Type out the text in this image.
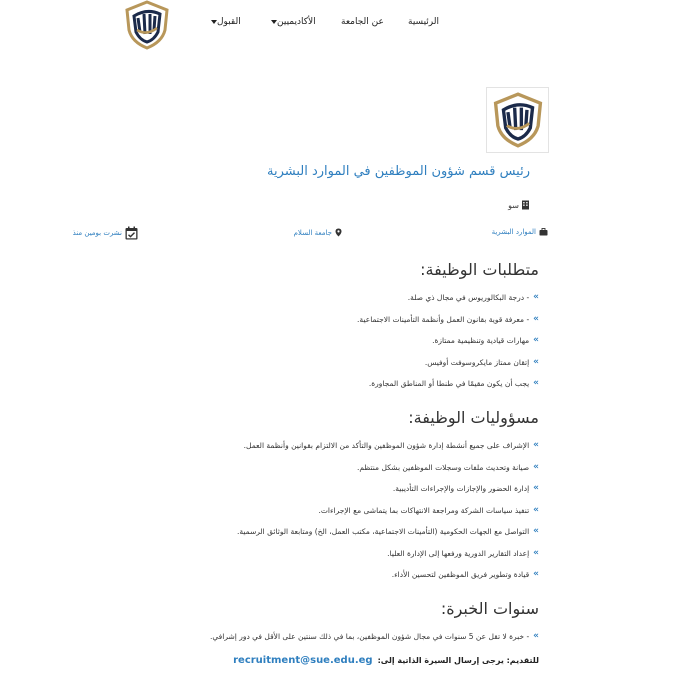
الرئيسية
عن الجامعة
الأكاديميين
القبول
رئيس قسم شؤون الموظفين في الموارد البشرية
سو
الموارد البشرية
جامعة السلام
نشرت بومين منذ
متطلبات الوظيفة:
»
- درجة البكالوريوس في مجال ذي صلة.
»
- معرفة قوية بقانون العمل وأنظمة التأمينات الاجتماعية.
»
مهارات قيادية وتنظيمية ممتازة.
»
إتقان ممتاز مايكروسوفت أوفيس.
»
يجب أن يكون مقيمًا في طنطا أو المناطق المجاورة.
مسؤوليات الوظيفة:
»
الإشراف على جميع أنشطة إدارة شؤون الموظفين والتأكد من الالتزام بقوانين وأنظمة العمل.
»
صيانة وتحديث ملفات وسجلات الموظفين بشكل منتظم.
»
إدارة الحضور والإجازات والإجراءات التأديبية.
»
تنفيذ سياسات الشركة ومراجعة الانتهاكات بما يتماشى مع الإجراءات.
»
التواصل مع الجهات الحكومية (التأمينات الاجتماعية، مكتب العمل، الخ) ومتابعة الوثائق الرسمية.
»
إعداد التقارير الدورية ورفعها إلى الإدارة العليا.
»
قيادة وتطوير فريق الموظفين لتحسين الأداء.
سنوات الخبرة:
»
- خبرة لا تقل عن 5 سنوات في مجال شؤون الموظفين، بما في ذلك سنتين على الأقل في دور إشرافي.
للتقديم: يرجى إرسال السيرة الذاتية إلى:
recruitment@sue.edu.eg
